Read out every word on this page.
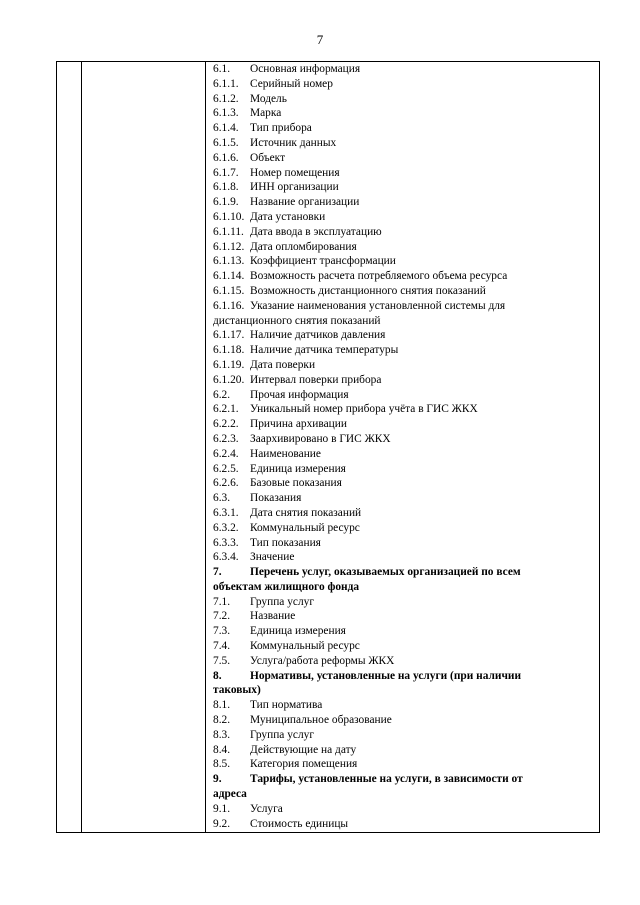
7
6.1.	Основная информация
6.1.1. Серийный номер
6.1.2. Модель
6.1.3. Марка
6.1.4. Тип прибора
6.1.5. Источник данных
6.1.6. Объект
6.1.7. Номер помещения
6.1.8. ИНН организации
6.1.9. Название организации
6.1.10. Дата установки
6.1.11. Дата ввода в эксплуатацию
6.1.12. Дата опломбирования
6.1.13. Коэффициент трансформации
6.1.14. Возможность расчета потребляемого объема ресурса
6.1.15. Возможность дистанционного снятия показаний
6.1.16. Указание наименования установленной системы для
дистанционного снятия показаний
6.1.17. Наличие датчиков давления
6.1.18. Наличие датчика температуры
6.1.19. Дата поверки
6.1.20. Интервал поверки прибора
6.2.	Прочая информация
6.2.1. Уникальный номер прибора учёта в ГИС ЖКХ
6.2.2. Причина архивации
6.2.3. Заархивировано в ГИС ЖКХ
6.2.4. Наименование
6.2.5. Единица измерения
6.2.6. Базовые показания
6.3.	Показания
6.3.1. Дата снятия показаний
6.3.2. Коммунальный ресурс
6.3.3. Тип показания
6.3.4. Значение
7.	Перечень услуг, оказываемых организацией по всем
объектам жилищного фонда
7.1.	Группа услуг
7.2.	Название
7.3.	Единица измерения
7.4.	Коммунальный ресурс
7.5.	Услуга/работа реформы ЖКХ
8.	Нормативы, установленные на услуги (при наличии
таковых)
8.1.	Тип норматива
8.2.	Муниципальное образование
8.3.	Группа услуг
8.4.	Действующие на дату
8.5.	Категория помещения
9.	Тарифы, установленные на услуги, в зависимости от
адреса
9.1.	Услуга
9.2.	Стоимость единицы
